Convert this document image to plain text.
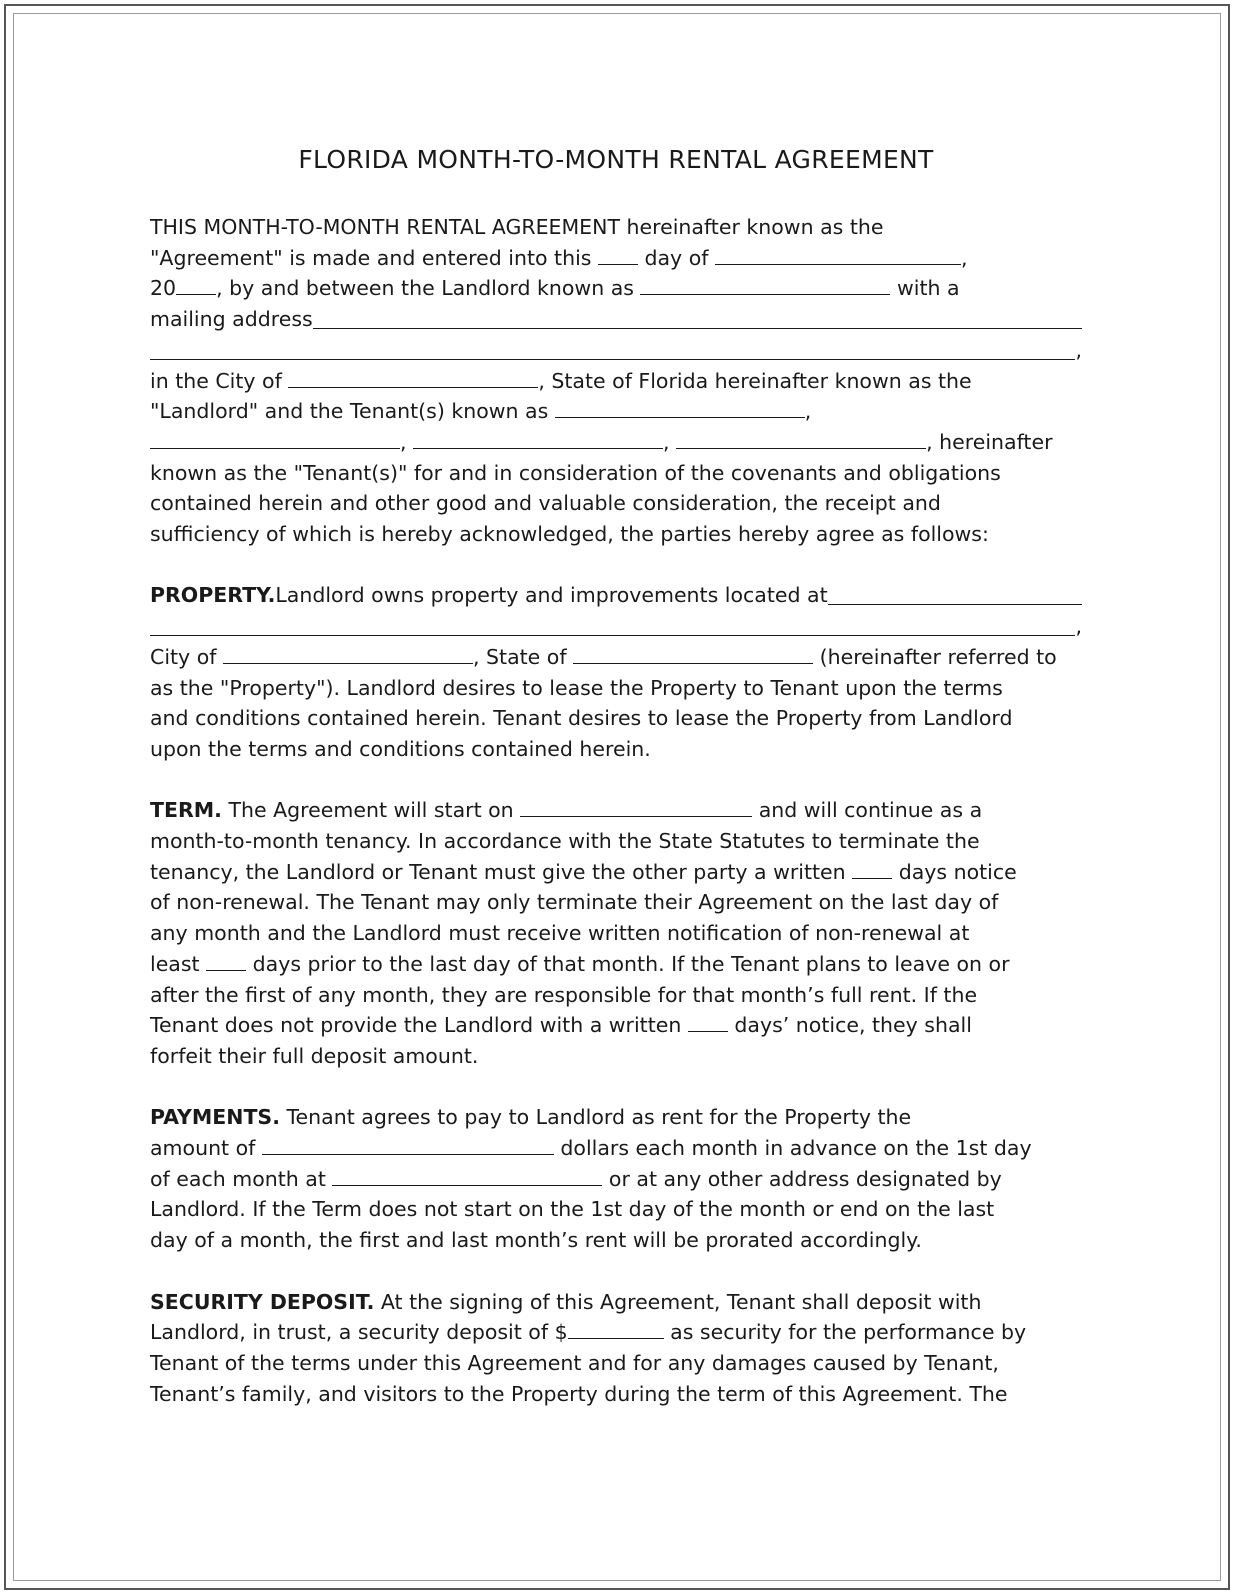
FLORIDA MONTH-TO-MONTH RENTAL AGREEMENT
THIS MONTH-TO-MONTH RENTAL AGREEMENT hereinafter known as the
"Agreement" is made and entered into this  day of	,
20 , by and between the Landlord known as	with a
mailing address
,
in the City of	, State of Florida hereinafter known as the
"Landlord" and the Tenant(s) known as	,
,	,	, hereinafter
known as the "Tenant(s)" for and in consideration of the covenants and obligations
contained herein and other good and valuable consideration, the receipt and
sufficiency of which is hereby acknowledged, the parties hereby agree as follows:
PROPERTY. Landlord owns property and improvements located at
,
City of	, State of	(hereinafter referred to
as the "Property"). Landlord desires to lease the Property to Tenant upon the terms
and conditions contained herein. Tenant desires to lease the Property from Landlord
upon the terms and conditions contained herein.
TERM. The Agreement will start on	and will continue as a
month-to-month tenancy. In accordance with the State Statutes to terminate the
tenancy, the Landlord or Tenant must give the other party a written  days notice
of non-renewal. The Tenant may only terminate their Agreement on the last day of
any month and the Landlord must receive written notification of non-renewal at
least  days prior to the last day of that month. If the Tenant plans to leave on or
after the first of any month, they are responsible for that month’s full rent. If the
Tenant does not provide the Landlord with a written  days’ notice, they shall
forfeit their full deposit amount.
PAYMENTS. Tenant agrees to pay to Landlord as rent for the Property the
amount of	dollars each month in advance on the 1st day
of each month at	or at any other address designated by
Landlord. If the Term does not start on the 1st day of the month or end on the last
day of a month, the first and last month’s rent will be prorated accordingly.
SECURITY DEPOSIT. At the signing of this Agreement, Tenant shall deposit with
Landlord, in trust, a security deposit of $	as security for the performance by
Tenant of the terms under this Agreement and for any damages caused by Tenant,
Tenant’s family, and visitors to the Property during the term of this Agreement. The
